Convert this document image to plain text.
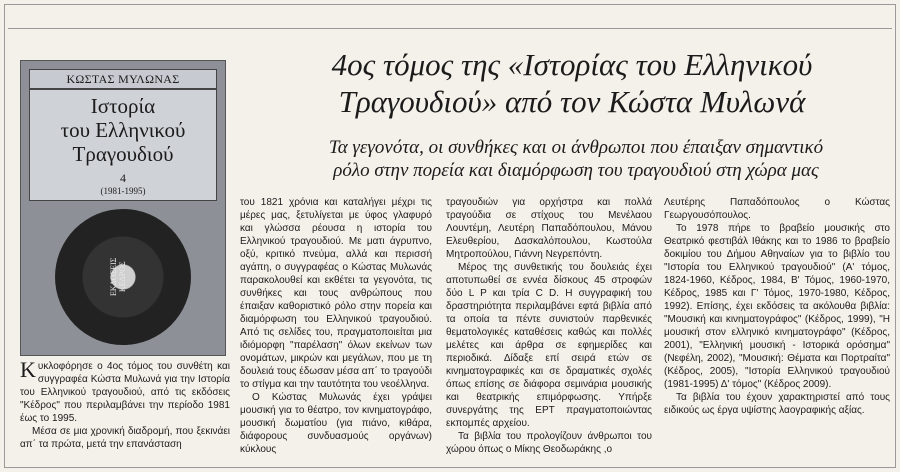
ΚΩΣΤΑΣ ΜΥΛΩΝΑΣ
Ιστορία
του Ελληνικού
Τραγουδιού
4
(1981-1995)
ΕΚΔΟΣΕΙΣ ΚΕΔΡΟΣ
4ος τόμος της «Ιστορίας του Ελληνικού
Τραγουδιού» από τον Κώστα Μυλωνά
Τα γεγονότα, οι συνθήκες και οι άνθρωποι που έπαιξαν σημαντικό
ρόλο στην πορεία και διαμόρφωση του τραγουδιού στη χώρα μας

Κυκλοφόρησε ο 4ος τόμος του συνθέτη και συγγραφέα Κώστα Μυλωνά για την Ιστορία του Ελληνικού τραγουδιού, από τις εκδόσεις "Κέδρος" που περιλαμβάνει την περίοδο 1981 έως το 1995.

Μέσα σε μια χρονική διαδρομή, που ξεκινάει απ΄ τα πρώτα, μετά την επανάσταση

του 1821 χρόνια και καταλήγει μέχρι τις μέρες μας, ξετυλίγεται με ύφος γλαφυρό και γλώσσα ρέουσα η ιστορία του Ελληνικού τραγουδιού. Με ματι άγρυπνο, οξύ, κριτικό πνεύμα, αλλά και περισσή αγάπη, ο συγγραφέας ο Κώστας Μυλωνάς παρακολουθεί και εκθέτει τα γεγονότα, τις συνθήκες και τους ανθρώπους που έπαιξαν καθοριστικό ρόλο στην πορεία και διαμόρφωση του Ελληνικού τραγουδιού. Από τις σελίδες του, πραγματοποιείται μια ιδιόμορφη "παρέλαση" όλων εκείνων των ονομάτων, μικρών και μεγάλων, που με τη δουλειά τους έδωσαν μέσα απ΄ το τραγούδι το στίγμα και την ταυτότητα του νεοέλληνα.

Ο Κώστας Μυλωνάς έχει γράψει μουσική για το θέατρο, τον κινηματογράφο, μουσική δωματίου (για πιάνο, κιθάρα, διάφορους συνδυασμούς οργάνων) κύκλους

τραγουδιών για ορχήστρα και πολλά τραγούδια σε στίχους του Μενέλαου Λουντέμη, Λευτέρη Παπαδόπουλου, Μάνου Ελευθερίου, Δασκαλόπουλου, Κωστούλα Μητροπούλου, Γιάννη Νεγρεπόντη.

Μέρος της συνθετικής του δουλειάς έχει αποτυπωθεί σε εννέα δίσκους 45 στροφών δύο L P και τρία C D. Η συγγραφική του δραστηριότητα περιλαμβάνει εφτά βιβλία από τα οποία τα πέντε συνιστούν παρθενικές θεματολογικές καταθέσεις καθώς και πολλές μελέτες και άρθρα σε εφημερίδες και περιοδικά. Δίδαξε επί σειρά ετών σε κινηματογραφικές και σε δραματικές σχολές όπως επίσης σε διάφορα σεμινάρια μουσικής και θεατρικής επιμόρφωσης. Υπήρξε συνεργάτης της ΕΡΤ πραγματοποιώντας εκπομπές αρχείου.

Τα βιβλία του προλογίζουν άνθρωποι του χώρου όπως ο Μίκης Θεοδωράκης ,ο

Λευτέρης Παπαδόπουλος ο Κώστας Γεωργουσόπουλος.

Το 1978 πήρε το βραβείο μουσικής στο Θεατρικό φεστιβάλ Ιθάκης και το 1986 το βραβείο δοκιμίου του Δήμου Αθηναίων για το βιβλίο του "Ιστορία του Ελληνικού τραγουδιού" (Α' τόμος, 1824-1960, Κέδρος, 1984, Β' Τόμος, 1960-1970, Κέδρος, 1985 και Γ' Τόμος, 1970-1980, Κέδρος, 1992). Επίσης, έχει εκδόσεις τα ακόλουθα βιβλία: "Μουσική και κινηματογράφος" (Κέδρος, 1999), "Η μουσική στον ελληνικό κινηματογράφο" (Κέδρος, 2001), "Ελληνική μουσική - Ιστορικά ορόσημα" (Νεφέλη, 2002), "Μουσική: Θέματα και Πορτραίτα" (Κέδρος, 2005), "Ιστορία Ελληνικού τραγουδιού (1981-1995) Δ' τόμος" (Κέδρος 2009).

Τα βιβλία του έχουν χαρακτηριστεί από τους ειδικούς ως έργα υψίστης λαογραφικής αξίας.
